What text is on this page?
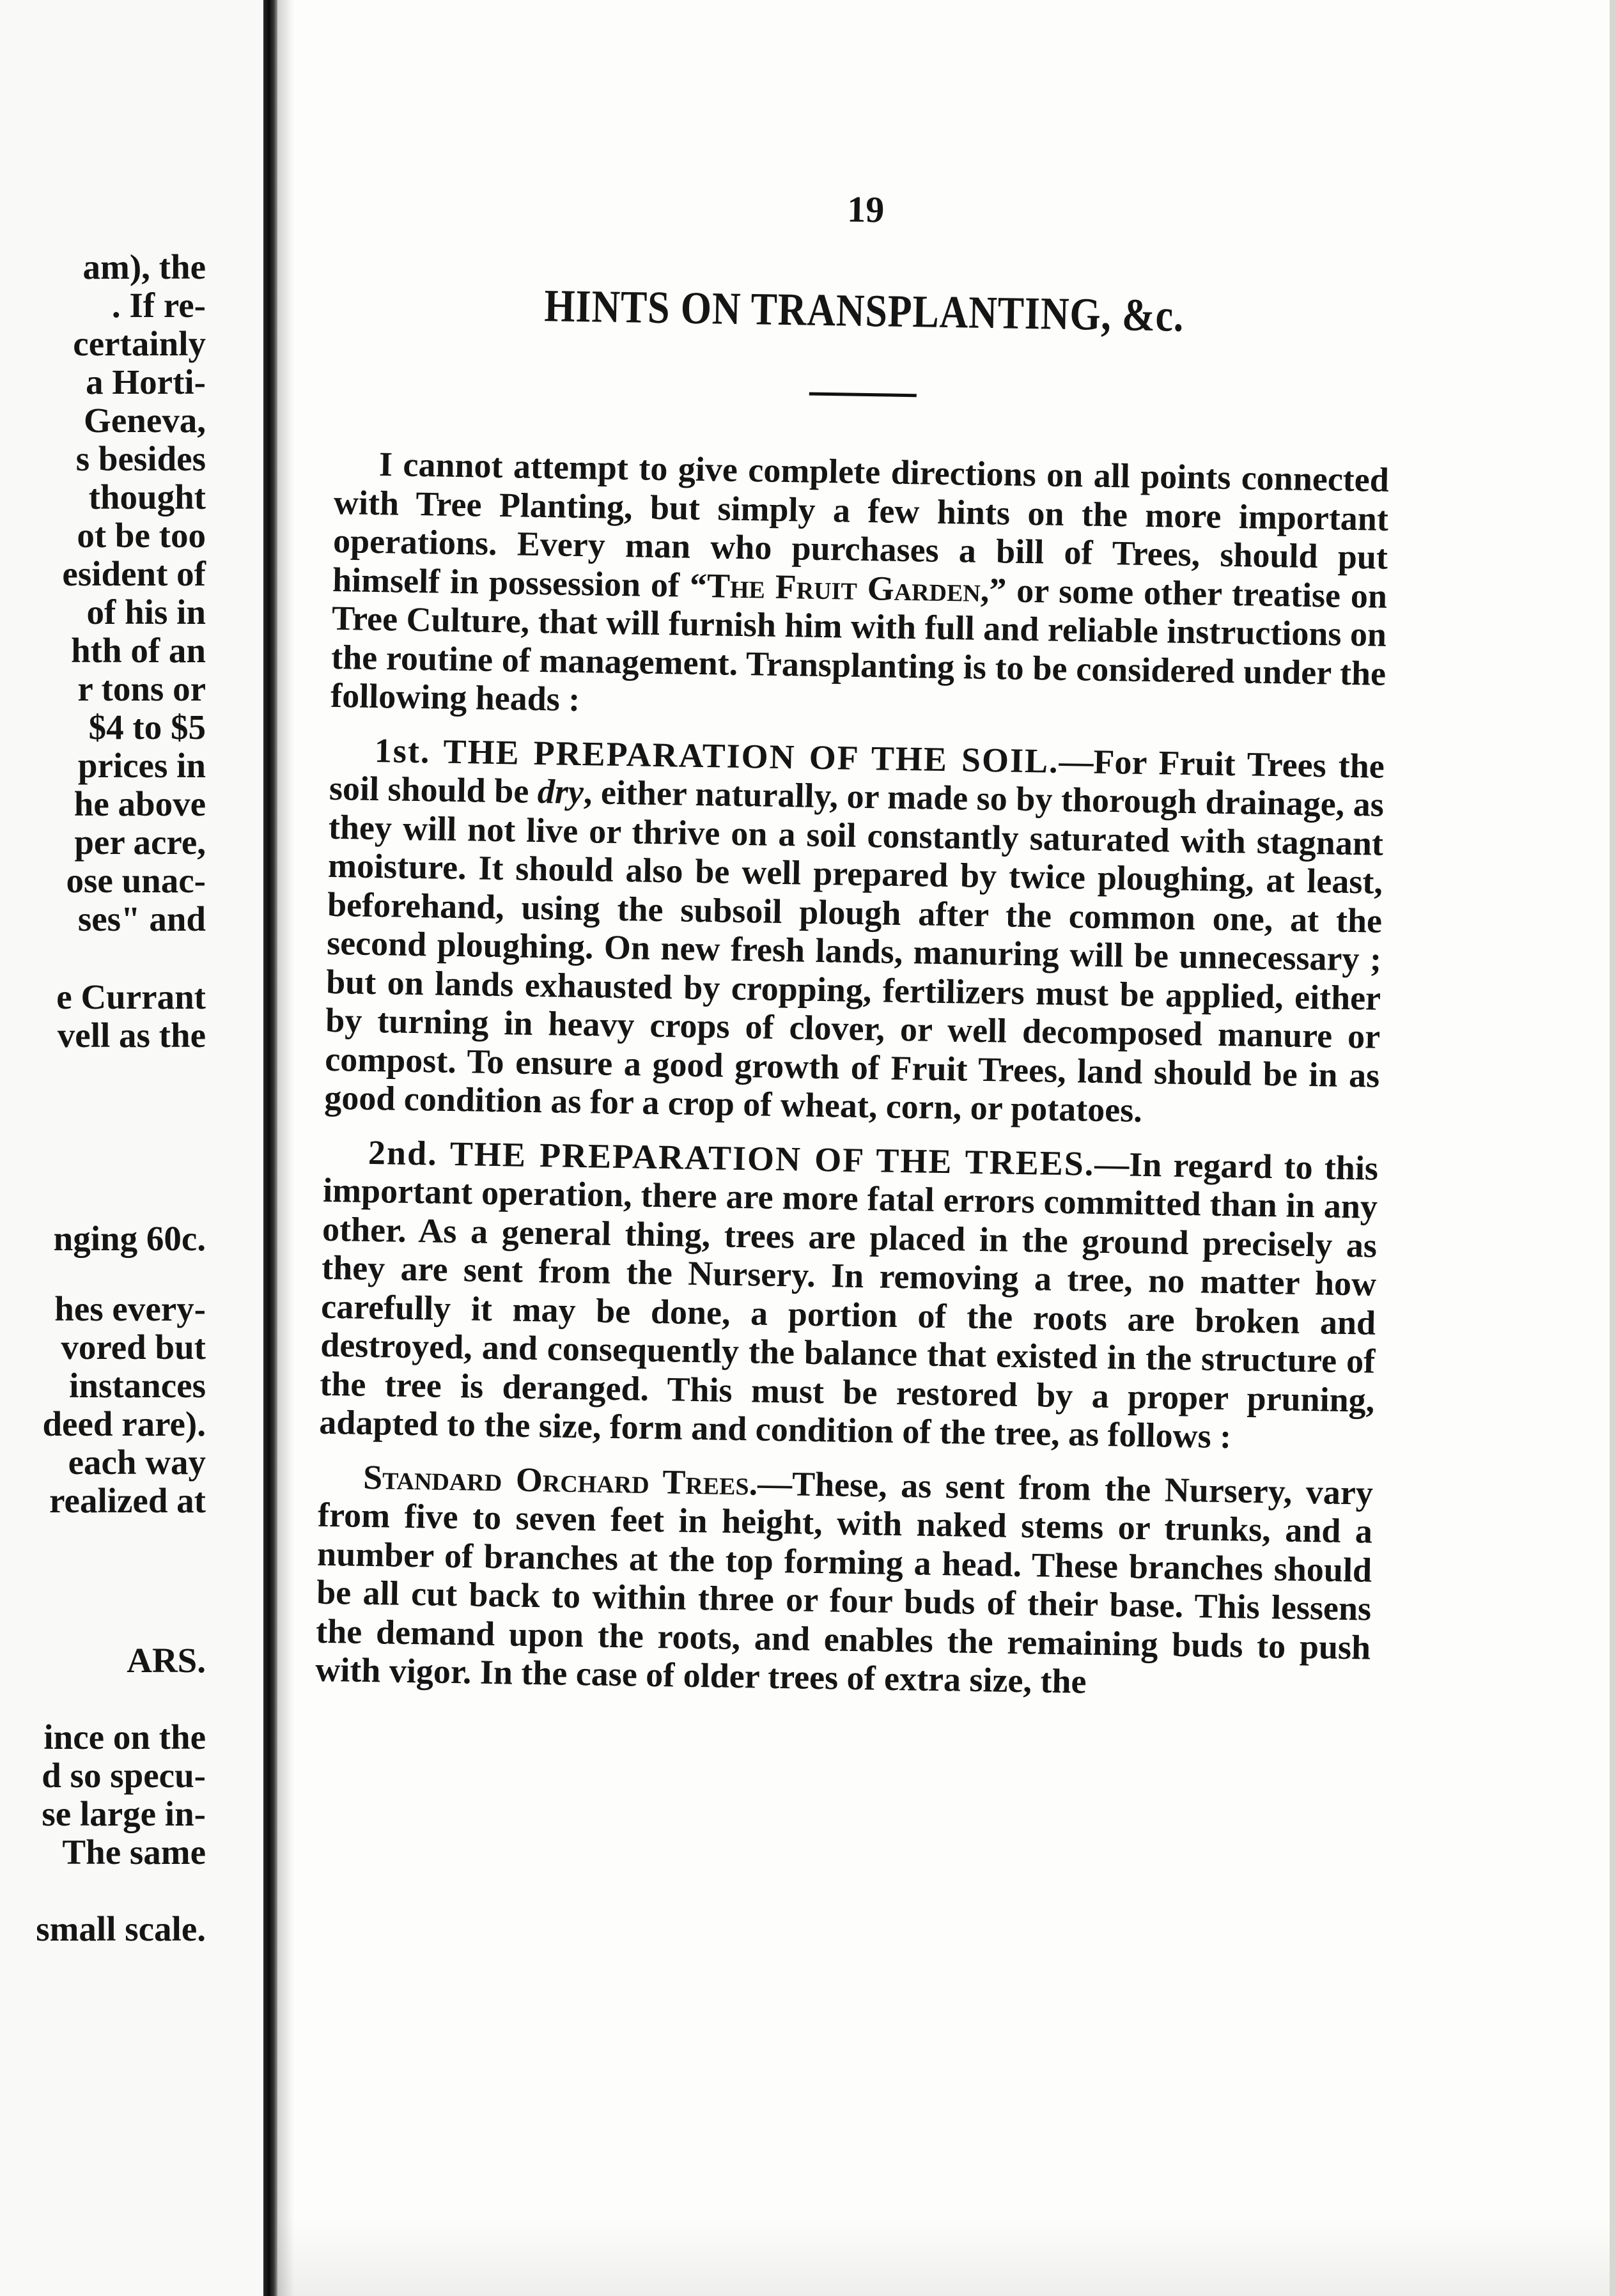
am), the
. If re-
certainly
a Horti-
Geneva,
s besides
thought
ot be too
esident of
of his in
hth of an
r tons or
$4 to $5
prices in
he above
per acre,
ose unac-
ses" and
e Currant
vell as the
nging 60c.
hes every-
vored but
instances
deed rare).
each way
realized at
ARS.
ince on the
d so specu-
se large in-
The same
small scale.
19
HINTS ON TRANSPLANTING, &c.

I cannot attempt to give complete directions on all points connected with Tree Planting, but simply a few hints on the more important operations. Every man who purchases a bill of Trees, should put himself in possession of “The Fruit Garden,” or some other treatise on Tree Culture, that will furnish him with full and reliable instructions on the routine of management. Transplanting is to be considered under the following heads :

1st. THE PREPARATION OF THE SOIL.—For Fruit Trees the soil should be dry, either naturally, or made so by thorough drainage, as they will not live or thrive on a soil constantly saturated with stagnant moisture. It should also be well prepared by twice ploughing, at least, beforehand, using the subsoil plough after the common one, at the second ploughing. On new fresh lands, manuring will be unnecessary ; but on lands exhausted by cropping, fertilizers must be applied, either by turning in heavy crops of clover, or well decomposed manure or compost. To ensure a good growth of Fruit Trees, land should be in as good condition as for a crop of wheat, corn, or potatoes.

2nd. THE PREPARATION OF THE TREES.—In regard to this important operation, there are more fatal errors committed than in any other. As a general thing, trees are placed in the ground precisely as they are sent from the Nursery. In removing a tree, no matter how carefully it may be done, a portion of the roots are broken and destroyed, and consequently the balance that existed in the structure of the tree is deranged. This must be restored by a proper pruning, adapted to the size, form and condition of the tree, as follows :

Standard Orchard Trees.—These, as sent from the Nursery, vary from five to seven feet in height, with naked stems or trunks, and a number of branches at the top forming a head. These branches should be all cut back to within three or four buds of their base. This lessens the demand upon the roots, and enables the remaining buds to push with vigor. In the case of older trees of extra size, the
